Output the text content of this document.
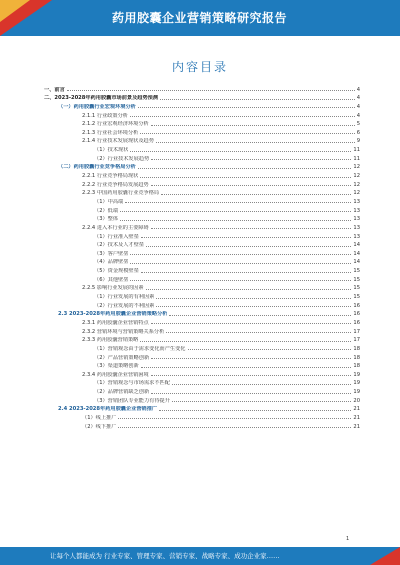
药用胶囊企业营销策略研究报告
内容目录
一、前言	4
二、2023-2028年药用胶囊市场前景及趋势预测	4
（一）药用胶囊行业宏观环境分析	4
2.1.1 行业政策分析	4
2.1.2 行业宏观经济环境分析	5
2.1.3 行业社会环境分析	6
2.1.4 行业技术发展现状及趋势	9
（1）技术现状	11
（2）行业技术发展趋势	11
（二）药用胶囊行业竞争格局分析	12
2.2.1 行业竞争格局现状	12
2.2.2 行业竞争格局发展趋势	12
2.2.3 中国药用胶囊行业竞争格局	12
（1）中高端	13
（2）低端	13
（3）整体	13
2.2.4 进入本行业的主要障碍	13
（1）行业准入壁垒	13
（2）技术及人才壁垒	14
（3）客户壁垒	14
（4）品牌壁垒	14
（5）资金规模壁垒	15
（6）其他壁垒	15
2.2.5 影响行业发展的因素	15
（1）行业发展的有利因素	15
（2）行业发展的不利因素	16
2.3 2023-2028年药用胶囊企业营销策略分析	16
2.3.1 药用胶囊企业营销特点	16
2.3.2 营销环境与营销策略关系分析	17
2.3.3 药用胶囊营销策略	17
（1）营销观念由于需求变化而产生变化	18
（2）产品营销策略创新	18
（3）渠道策略创新	18
2.3.4 药用胶囊企业营销困境	19
（1）营销观念与市场需求不匹配	19
（2）品牌营销缺乏创新	19
（3）营销团队专业能力有待提升	20
2.4 2023-2028年药用胶囊企业营销推广	21
（1）线上推广	21
（2）线下推广	21
1
让每个人都能成为 行业专家、管理专家、营销专家、战略专家、成功企业家……
